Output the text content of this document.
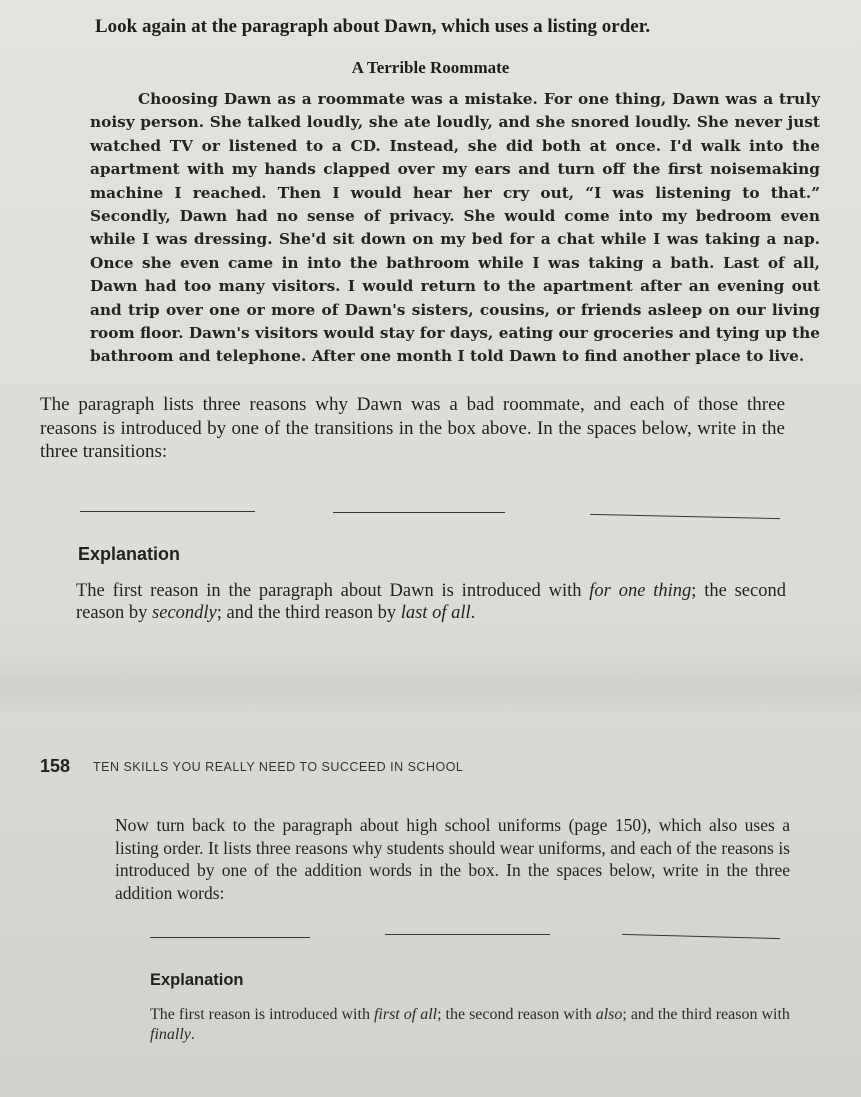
Look again at the paragraph about Dawn, which uses a listing order.

A Terrible Roommate

Choosing Dawn as a roommate was a mistake. For one thing, Dawn was a truly noisy person. She talked loudly, she ate loudly, and she snored loudly. She never just watched TV or listened to a CD. Instead, she did both at once. I'd walk into the apartment with my hands clapped over my ears and turn off the first noisemaking machine I reached. Then I would hear her cry out, “I was listening to that.” Secondly, Dawn had no sense of privacy. She would come into my bedroom even while I was dressing. She'd sit down on my bed for a chat while I was taking a nap. Once she even came in into the bathroom while I was taking a bath. Last of all, Dawn had too many visitors. I would return to the apartment after an evening out and trip over one or more of Dawn's sisters, cousins, or friends asleep on our living room floor. Dawn's visitors would stay for days, eating our groceries and tying up the bathroom and telephone. After one month I told Dawn to find another place to live.

The paragraph lists three reasons why Dawn was a bad roommate, and each of those three reasons is introduced by one of the transitions in the box above. In the spaces below, write in the three transitions:

Explanation

The first reason in the paragraph about Dawn is introduced with for one thing; the second reason by secondly; and the third reason by last of all.

158 TEN SKILLS YOU REALLY NEED TO SUCCEED IN SCHOOL

Now turn back to the paragraph about high school uniforms (page 150), which also uses a listing order. It lists three reasons why students should wear uniforms, and each of the reasons is introduced by one of the addition words in the box. In the spaces below, write in the three addition words:

Explanation

The first reason is introduced with first of all; the second reason with also; and the third reason with finally.
